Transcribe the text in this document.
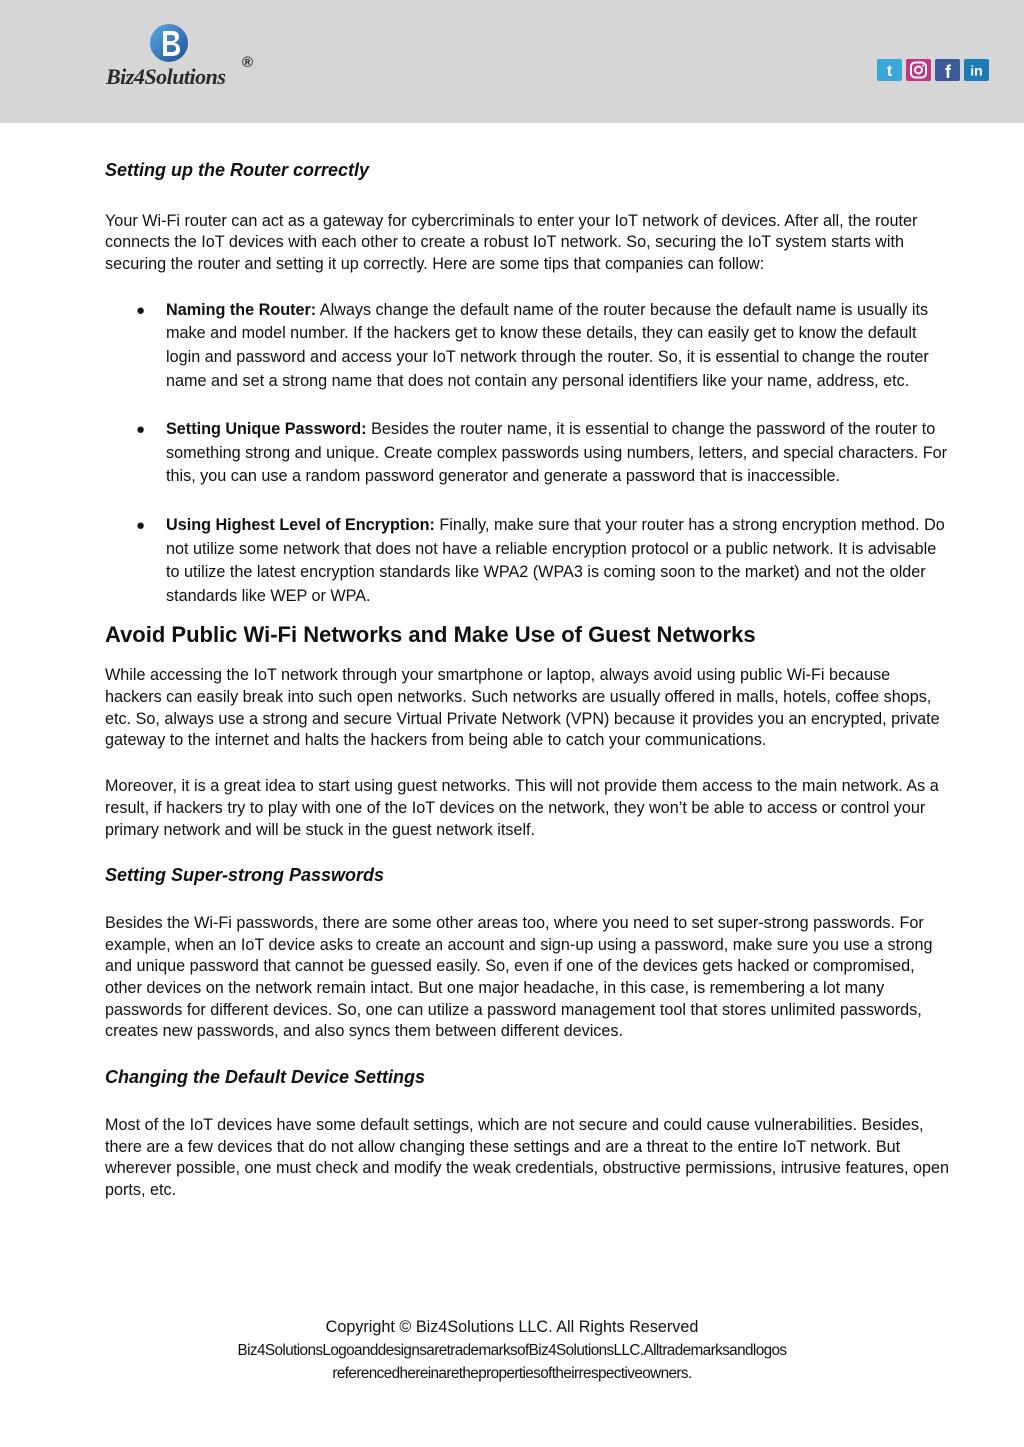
Biz4Solutions
®
t	f in
Setting up the Router correctly

Your Wi-Fi router can act as a gateway for cybercriminals to enter your IoT network of devices. After all, the router connects the IoT devices with each other to create a robust IoT network. So, securing the IoT system starts with securing the router and setting it up correctly. Here are some tips that companies can follow:

● Naming the Router: Always change the default name of the router because the default name is usually its make and model number. If the hackers get to know these details, they can easily get to know the default login and password and access your IoT network through the router. So, it is essential to change the router name and set a strong name that does not contain any personal identifiers like your name, address, etc.
● Setting Unique Password: Besides the router name, it is essential to change the password of the router to something strong and unique. Create complex passwords using numbers, letters, and special characters. For this, you can use a random password generator and generate a password that is inaccessible.
● Using Highest Level of Encryption: Finally, make sure that your router has a strong encryption method. Do not utilize some network that does not have a reliable encryption protocol or a public network. It is advisable to utilize the latest encryption standards like WPA2 (WPA3 is coming soon to the market) and not the older standards like WEP or WPA.
Avoid Public Wi-Fi Networks and Make Use of Guest Networks

While accessing the IoT network through your smartphone or laptop, always avoid using public Wi-Fi because hackers can easily break into such open networks. Such networks are usually offered in malls, hotels, coffee shops, etc. So, always use a strong and secure Virtual Private Network (VPN) because it provides you an encrypted, private gateway to the internet and halts the hackers from being able to catch your communications.

Moreover, it is a great idea to start using guest networks. This will not provide them access to the main network. As a result, if hackers try to play with one of the IoT devices on the network, they won’t be able to access or control your primary network and will be stuck in the guest network itself.

Setting Super-strong Passwords

Besides the Wi-Fi passwords, there are some other areas too, where you need to set super-strong passwords. For example, when an IoT device asks to create an account and sign-up using a password, make sure you use a strong and unique password that cannot be guessed easily. So, even if one of the devices gets hacked or compromised, other devices on the network remain intact. But one major headache, in this case, is remembering a lot many passwords for different devices. So, one can utilize a password management tool that stores unlimited passwords, creates new passwords, and also syncs them between different devices.

Changing the Default Device Settings

Most of the IoT devices have some default settings, which are not secure and could cause vulnerabilities. Besides, there are a few devices that do not allow changing these settings and are a threat to the entire IoT network. But wherever possible, one must check and modify the weak credentials, obstructive permissions, intrusive features, open ports, etc.

Copyright © Biz4Solutions LLC. All Rights Reserved
Biz4SolutionsLogoanddesignsaretrademarksofBiz4SolutionsLLC.Alltrademarksandlogos
referencedhereinarethepropertiesoftheirrespectiveowners.
